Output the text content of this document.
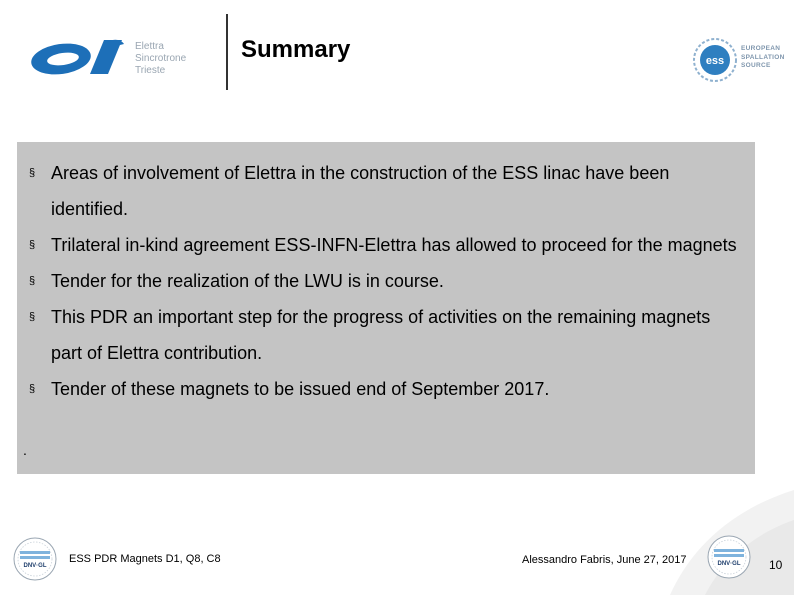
Elettra
Sincrotrone
Trieste
Summary	ess
EUROPEAN
SPALLATION
SOURCE
§ Areas of involvement of Elettra in the construction of the ESS linac have been identified.
§ Trilateral in-kind agreement ESS-INFN-Elettra has allowed to proceed for the magnets
§ Tender for the realization of the LWU is in course.
§ This PDR an important step for the progress of activities on the remaining magnets part of Elettra contribution.
§ Tender of these magnets to be issued end of September 2017.
.
DNV·GL
ESS PDR Magnets D1, Q8, C8	Alessandro Fabris, June 27, 2017	DNV·GL 10
